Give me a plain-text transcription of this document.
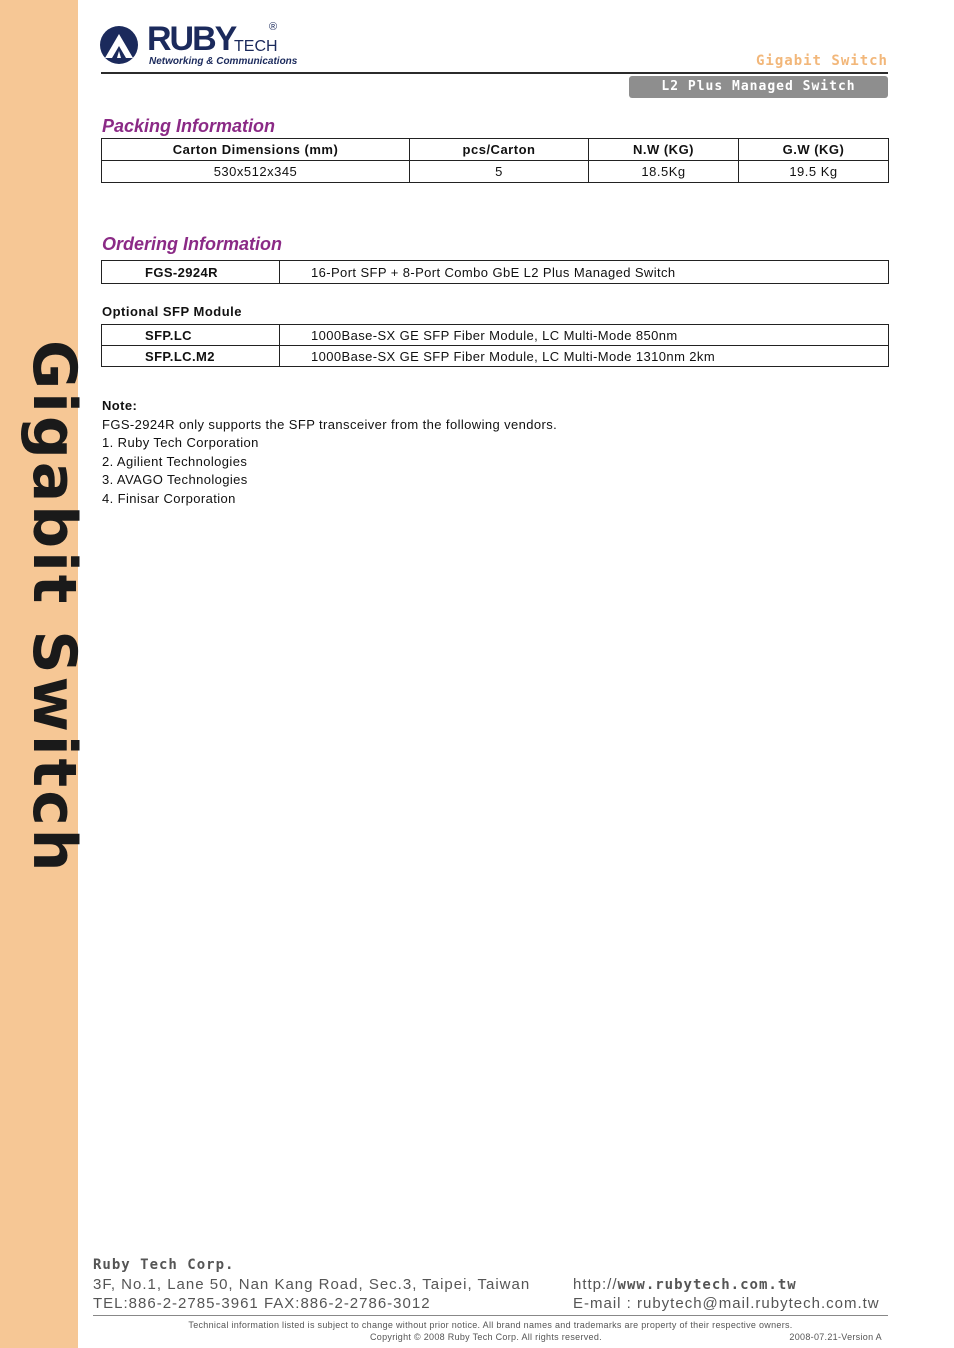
Gigabit Switch
RUBY
TECH
®
Networking & Communications	Gigabit Switch
L2 Plus Managed Switch
Packing Information
Carton Dimensions (mm)	pcs/Carton	N.W (KG)	G.W (KG)
530x512x345	5	18.5Kg	19.5 Kg
Ordering Information
FGS-2924R	16-Port SFP + 8-Port Combo GbE L2 Plus Managed Switch
Optional SFP Module
SFP.LC	1000Base-SX GE SFP Fiber Module, LC Multi-Mode 850nm
SFP.LC.M2	1000Base-SX GE SFP Fiber Module, LC Multi-Mode 1310nm 2km
Note:
FGS-2924R only supports the SFP transceiver from the following vendors.
1. Ruby Tech Corporation
2. Agilient Technologies
3. AVAGO Technologies
4. Finisar Corporation
Ruby Tech Corp.
3F, No.1, Lane 50, Nan Kang Road, Sec.3, Taipei, Taiwan
TEL:886-2-2785-3961 FAX:886-2-2786-3012
http://www.rubytech.com.tw
E-mail : rubytech@mail.rubytech.com.tw
Technical information listed is subject to change without prior notice. All brand names and trademarks are property of their respective owners.
Copyright © 2008 Ruby Tech Corp. All rights reserved.	2008-07.21-Version A
